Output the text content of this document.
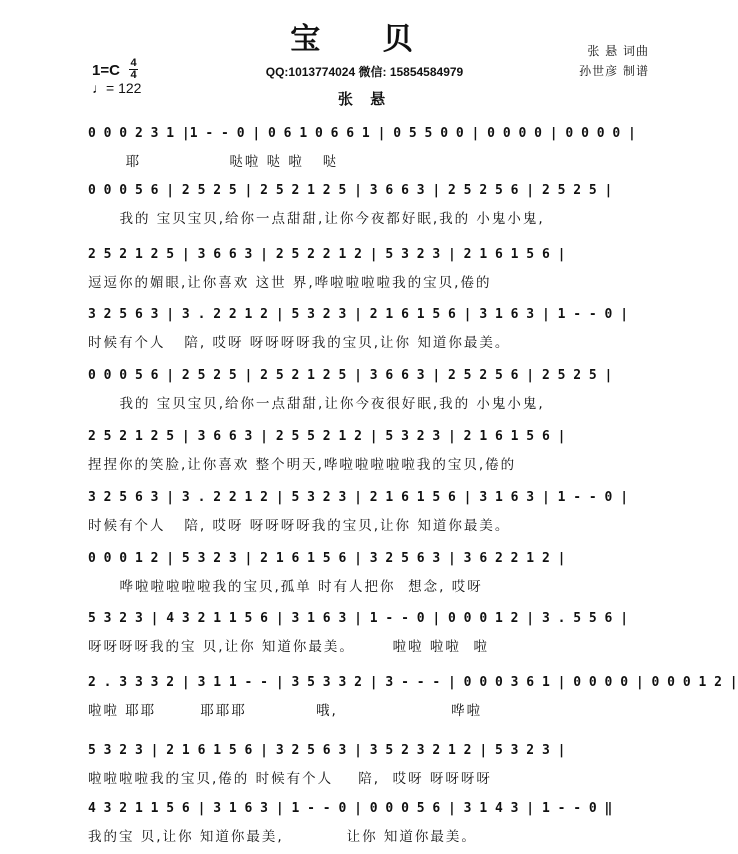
宝 贝	张 悬 词曲
孙世彦 制谱
1=C 4
4
♩= 122
QQ:1013774024 微信: 15854584979
张 悬
0 0 0 2 3 1 |1 - - 0 | 0 6 1 0 6 6 1 | 0 5 5 0 0 | 0 0 0 0 | 0 0 0 0 |
耶              哒啦 哒 啦   哒
0 0 0 5 6 | 2 5 2 5 | 2 5 2 1 2 5 | 3 6 6 3 | 2 5 2 5 6 | 2 5 2 5 |
我的 宝贝宝贝,给你一点甜甜,让你今夜都好眠,我的 小鬼小鬼,
2 5 2 1 2 5 | 3 6 6 3 | 2 5 2 2 1 2 | 5 3 2 3 | 2 1 6 1 5 6 |
逗逗你的媚眼,让你喜欢 这世 界,哗啦啦啦啦我的宝贝,倦的
3 2 5 6 3 | 3 . 2 2 1 2 | 5 3 2 3 | 2 1 6 1 5 6 | 3 1 6 3 | 1 - - 0 |
时候有个人   陪, 哎呀 呀呀呀呀我的宝贝,让你 知道你最美。
0 0 0 5 6 | 2 5 2 5 | 2 5 2 1 2 5 | 3 6 6 3 | 2 5 2 5 6 | 2 5 2 5 |
我的 宝贝宝贝,给你一点甜甜,让你今夜很好眠,我的 小鬼小鬼,
2 5 2 1 2 5 | 3 6 6 3 | 2 5 5 2 1 2 | 5 3 2 3 | 2 1 6 1 5 6 |
捏捏你的笑脸,让你喜欢 整个明天,哗啦啦啦啦啦我的宝贝,倦的
3 2 5 6 3 | 3 . 2 2 1 2 | 5 3 2 3 | 2 1 6 1 5 6 | 3 1 6 3 | 1 - - 0 |
时候有个人   陪, 哎呀 呀呀呀呀我的宝贝,让你 知道你最美。
0 0 0 1 2 | 5 3 2 3 | 2 1 6 1 5 6 | 3 2 5 6 3 | 3 6 2 2 1 2 |
哗啦啦啦啦啦我的宝贝,孤单 时有人把你  想念, 哎呀
5 3 2 3 | 4 3 2 1 1 5 6 | 3 1 6 3 | 1 - - 0 | 0 0 0 1 2 | 3 . 5 5 6 |
呀呀呀呀我的宝 贝,让你 知道你最美。      啦啦 啦啦  啦
2 . 3 3 3 2 | 3 1 1 - - | 3 5 3 3 2 | 3 - - - | 0 0 0 3 6 1 | 0 0 0 0 | 0 0 0 1 2 |
啦啦 耶耶       耶耶耶           哦,                  哗啦
5 3 2 3 | 2 1 6 1 5 6 | 3 2 5 6 3 | 3 5 2 3 2 1 2 | 5 3 2 3 |
啦啦啦啦我的宝贝,倦的 时候有个人    陪,  哎呀 呀呀呀呀
4 3 2 1 1 5 6 | 3 1 6 3 | 1 - - 0 | 0 0 0 5 6 | 3 1 4 3 | 1 - - 0 ‖
我的宝 贝,让你 知道你最美,          让你 知道你最美。
